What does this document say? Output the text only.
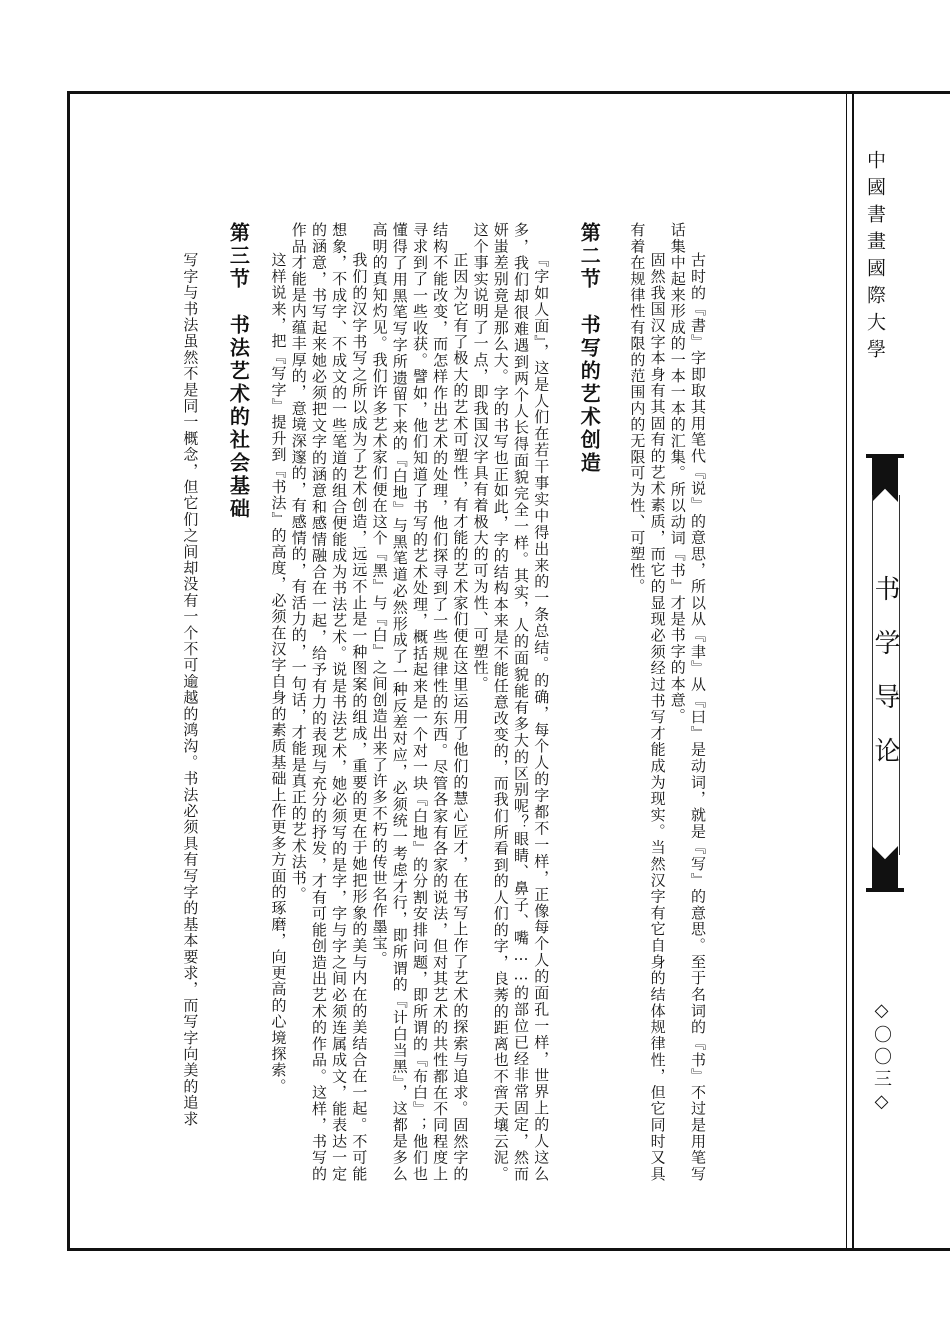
中國書畫國際大學
书学导论
◇〇〇三◇

古时的『書』字即取其用笔代『说』的意思，所以从『聿』从『曰』是动词，就是『写』的意思。至于名词的『书』不过是用笔写话集中起来形成的一本一本的汇集。所以动词『书』才是书字的本意。

固然我国汉字本身有其固有的艺术素质，而它的显现必须经过书写才能成为现实。当然汉字有它自身的结体规律性，但它同时又具有着在规律性有限的范围内的无限可为性、可塑性。

第二节　书写的艺术创造

『字如人面』，这是人们在若干事实中得出来的一条总结。的确，每个人的字都不一样，正像每个人的面孔一样，世界上的人这么多，我们却很难遇到两个人长得面貌完全一样。其实，人的面貌能有多大的区别呢？眼睛、鼻子、嘴……的部位已经非常固定，然而妍蚩差别竟是那么大。字的书写也正如此，字的结构本来是不能任意改变的，而我们所看到的人们的字，良莠的距离也不啻天壤云泥。这个事实说明了一点，即我国汉字具有着极大的可为性、可塑性。

正因为它有了极大的艺术可塑性，有才能的艺术家们便在这里运用了他们的慧心匠才，在书写上作了艺术的探索与追求。固然字的结构不能改变，而怎样作出艺术的处理，他们探寻到了一些规律性的东西。尽管各家有各家的说法，但对其艺术的共性都在不同程度上寻求到了一些收获。譬如，他们知道了书写的艺术处理，概括起来是一个对一块『白地』的分割安排问题，即所谓的『布白』；他们也懂得了用黑笔写字所遗留下来的『白地』与黑笔道必然形成了一种反差对应，必须统一考虑才行，即所谓的『计白当黑』，这都是多么高明的真知灼见。我们许多艺术家们便在这个『黑』与『白』之间创造出来了许多不朽的传世名作墨宝。

我们的汉字书写之所以成为了艺术创造，远远不止是一种图案的组成，重要的更在于她把形象的美与内在的美结合在一起。不可能想象，不成字、不成文的一些笔道的组合便能成为书法艺术。说是书法艺术，她必须写的是字，字与字之间必须连属成文，能表达一定的涵意，书写起来她必须把文字的涵意和感情融合在一起，给予有力的表现与充分的抒发，才有可能创造出艺术的作品。这样，书写的作品才能是内蕴丰厚的，意境深邃的，有感情的，有活力的，一句话，才能是真正的艺术法书。

这样说来，把『写字』提升到『书法』的高度，必须在汉字自身的素质基础上作更多方面的琢磨，向更高的心境探索。

第三节　书法艺术的社会基础

写字与书法虽然不是同一概念，但它们之间却没有一个不可逾越的鸿沟。书法必须具有写字的基本要求，而写字向美的追求
